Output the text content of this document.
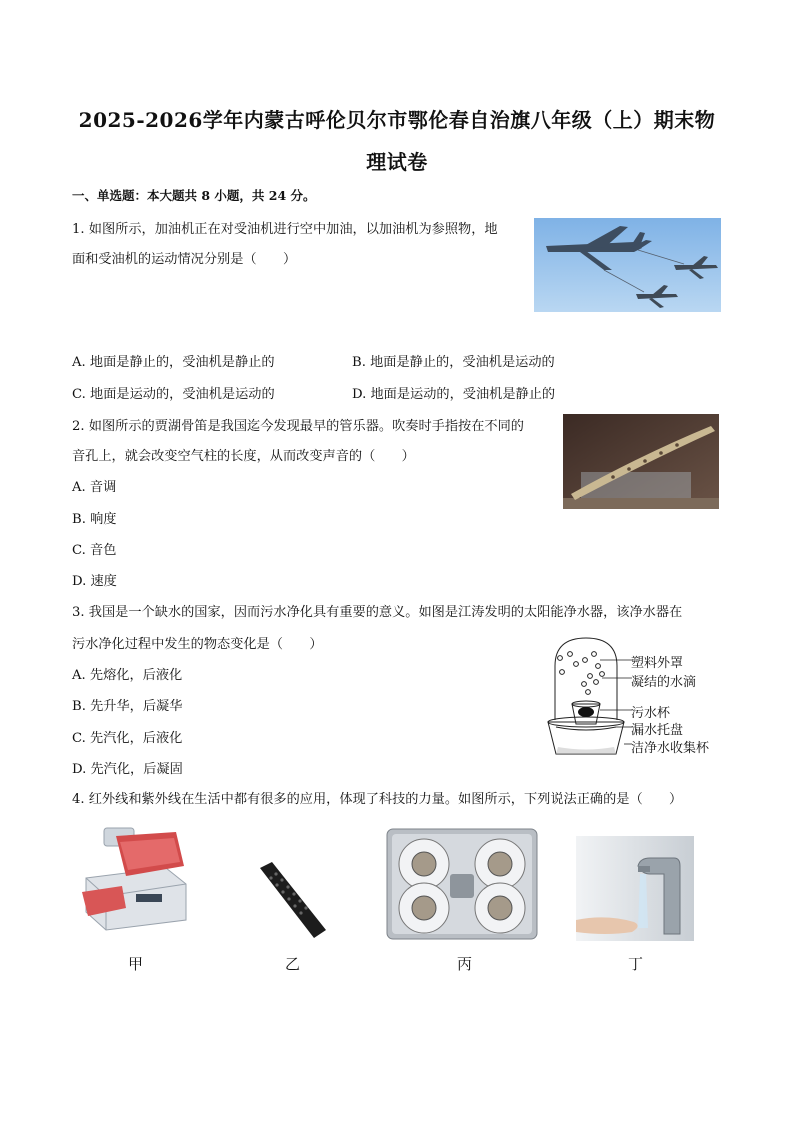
2025-2026学年内蒙古呼伦贝尔市鄂伦春自治旗八年级（上）期末物
理试卷
一、单选题：本大题共 8 小题，共 24 分。
1. 如图所示，加油机正在对受油机进行空中加油，以加油机为参照物，地
面和受油机的运动情况分别是（　　）
A. 地面是静止的，受油机是静止的	B. 地面是静止的，受油机是运动的
C. 地面是运动的，受油机是运动的	D. 地面是运动的，受油机是静止的
2. 如图所示的贾湖骨笛是我国迄今发现最早的管乐器。吹奏时手指按在不同的
音孔上，就会改变空气柱的长度，从而改变声音的（　　）
A. 音调
B. 响度
C. 音色
D. 速度
3. 我国是一个缺水的国家，因而污水净化具有重要的意义。如图是江涛发明的太阳能净水器，该净水器在
污水净化过程中发生的物态变化是（　　）
A. 先熔化，后液化
B. 先升华，后凝华
C. 先汽化，后液化
D. 先汽化，后凝固
塑料外罩
凝结的水滴
污水杯
漏水托盘
洁净水收集杯
4. 红外线和紫外线在生活中都有很多的应用，体现了科技的力量。如图所示，下列说法正确的是（　　）
甲	乙	丙	丁
